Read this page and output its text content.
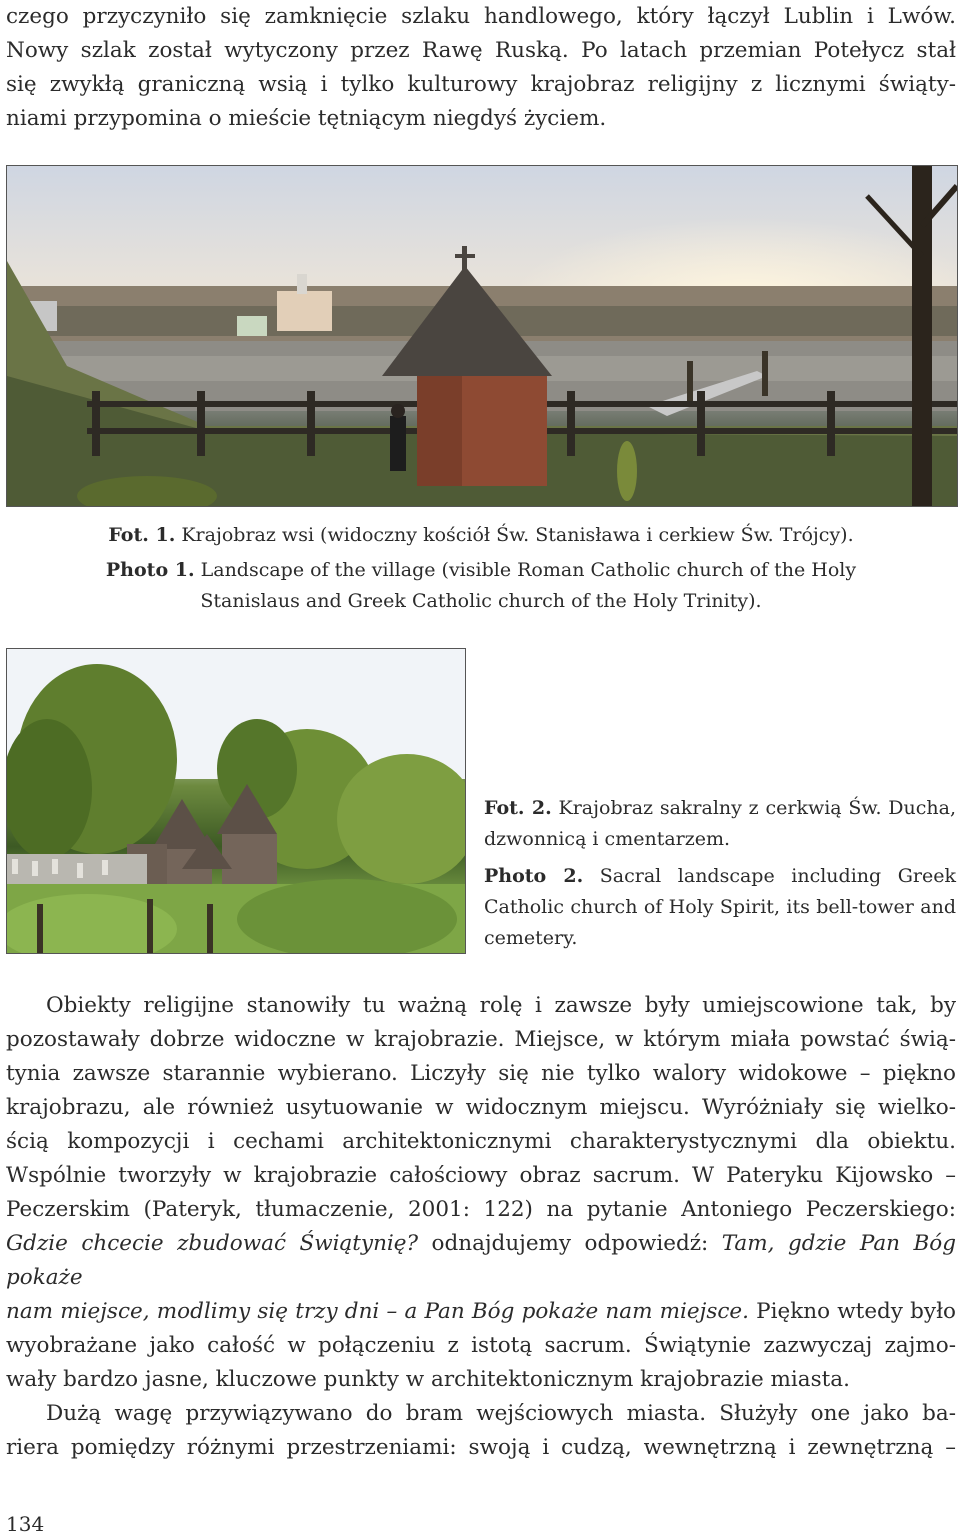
czego przyczyniło się zamknięcie szlaku handlowego, który łączył Lublin i Lwów.
Nowy szlak został wytyczony przez Rawę Ruską. Po latach przemian Potełycz stał
się zwykłą graniczną wsią i tylko kulturowy krajobraz religijny z licznymi świąty-
niami przypomina o mieście tętniącym niegdyś życiem.
Fot. 1. Krajobraz wsi (widoczny kościół Św. Stanisława i cerkiew Św. Trójcy).
Photo 1. Landscape of the village (visible Roman Catholic church of the Holy
Stanislaus and Greek Catholic church of the Holy Trinity).

Fot. 2. Krajobraz sakralny z cerkwią Św. Ducha, dzwonnicą i cmentarzem.

Photo 2. Sacral landscape including Greek Catholic church of Holy Spirit, its bell-tower and cemetery.

Obiekty religijne stanowiły tu ważną rolę i zawsze były umiejscowione tak, by
pozostawały dobrze widoczne w krajobrazie. Miejsce, w którym miała powstać świą-
tynia zawsze starannie wybierano. Liczyły się nie tylko walory widokowe – piękno
krajobrazu, ale również usytuowanie w widocznym miejscu. Wyróżniały się wielko-
ścią kompozycji i cechami architektonicznymi charakterystycznymi dla obiektu.
Wspólnie tworzyły w krajobrazie całościowy obraz sacrum. W Pateryku Kijowsko –
Peczerskim (Pateryk, tłumaczenie, 2001: 122) na pytanie Antoniego Peczerskiego:
Gdzie chcecie zbudować Świątynię? odnajdujemy odpowiedź: Tam, gdzie Pan Bóg pokaże
nam miejsce, modlimy się trzy dni – a Pan Bóg pokaże nam miejsce. Piękno wtedy było
wyobrażane jako całość w połączeniu z istotą sacrum. Świątynie zazwyczaj zajmo-
wały bardzo jasne, kluczowe punkty w architektonicznym krajobrazie miasta.
Dużą wagę przywiązywano do bram wejściowych miasta. Służyły one jako ba-
riera pomiędzy różnymi przestrzeniami: swoją i cudzą, wewnętrzną i zewnętrzną –
134
